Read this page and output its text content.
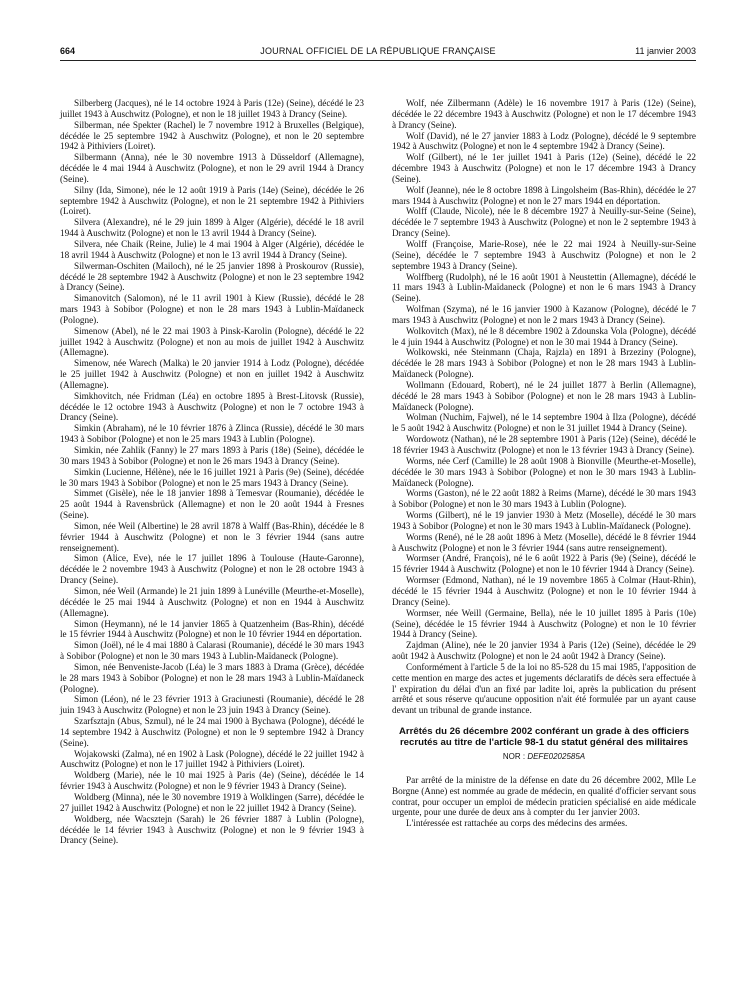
664	JOURNAL OFFICIEL DE LA RÉPUBLIQUE FRANÇAISE	11 janvier 2003

Silberberg (Jacques), né le 14 octobre 1924 à Paris (12e) (Seine), décédé le 23 juillet 1943 à Auschwitz (Pologne), et non le 18 juillet 1943 à Drancy (Seine).

Silberman, née Spekter (Rachel) le 7 novembre 1912 à Bruxelles (Belgique), décédée le 25 septembre 1942 à Auschwitz (Pologne), et non le 20 septembre 1942 à Pithiviers (Loiret).

Silbermann (Anna), née le 30 novembre 1913 à Düsseldorf (Allemagne), décédée le 4 mai 1944 à Auschwitz (Pologne), et non le 29 avril 1944 à Drancy (Seine).

Silny (Ida, Simone), née le 12 août 1919 à Paris (14e) (Seine), décédée le 26 septembre 1942 à Auschwitz (Pologne), et non le 21 septembre 1942 à Pithiviers (Loiret).

Silvera (Alexandre), né le 29 juin 1899 à Alger (Algérie), décédé le 18 avril 1944 à Auschwitz (Pologne) et non le 13 avril 1944 à Drancy (Seine).

Silvera, née Chaik (Reine, Julie) le 4 mai 1904 à Alger (Algérie), décédée le 18 avril 1944 à Auschwitz (Pologne) et non le 13 avril 1944 à Drancy (Seine).

Silwerman-Oschiten (Mailoch), né le 25 janvier 1898 à Proskourov (Russie), décédé le 28 septembre 1942 à Auschwitz (Pologne) et non le 23 septembre 1942 à Drancy (Seine).

Simanovitch (Salomon), né le 11 avril 1901 à Kiew (Russie), décédé le 28 mars 1943 à Sobibor (Pologne) et non le 28 mars 1943 à Lublin-Maïdaneck (Pologne).

Simenow (Abel), né le 22 mai 1903 à Pinsk-Karolin (Pologne), décédé le 22 juillet 1942 à Auschwitz (Pologne) et non au mois de juillet 1942 à Auschwitz (Allemagne).

Simenow, née Warech (Malka) le 20 janvier 1914 à Lodz (Pologne), décédée le 25 juillet 1942 à Auschwitz (Pologne) et non en juillet 1942 à Auschwitz (Allemagne).

Simkhovitch, née Fridman (Léa) en octobre 1895 à Brest-Litovsk (Russie), décédée le 12 octobre 1943 à Auschwitz (Pologne) et non le 7 octobre 1943 à Drancy (Seine).

Simkin (Abraham), né le 10 février 1876 à Zlinca (Russie), décédé le 30 mars 1943 à Sobibor (Pologne) et non le 25 mars 1943 à Lublin (Pologne).

Simkin, née Zahlik (Fanny) le 27 mars 1893 à Paris (18e) (Seine), décédée le 30 mars 1943 à Sobibor (Pologne) et non le 26 mars 1943 à Drancy (Seine).

Simkin (Lucienne, Hélène), née le 16 juillet 1921 à Paris (9e) (Seine), décédée le 30 mars 1943 à Sobibor (Pologne) et non le 25 mars 1943 à Drancy (Seine).

Simmet (Gisèle), née le 18 janvier 1898 à Temesvar (Roumanie), décédée le 25 août 1944 à Ravensbrück (Allemagne) et non le 20 août 1944 à Fresnes (Seine).

Simon, née Weil (Albertine) le 28 avril 1878 à Walff (Bas-Rhin), décédée le 8 février 1944 à Auschwitz (Pologne) et non le 3 février 1944 (sans autre renseignement).

Simon (Alice, Eve), née le 17 juillet 1896 à Toulouse (Haute-Garonne), décédée le 2 novembre 1943 à Auschwitz (Pologne) et non le 28 octobre 1943 à Drancy (Seine).

Simon, née Weil (Armande) le 21 juin 1899 à Lunéville (Meurthe-et-Moselle), décédée le 25 mai 1944 à Auschwitz (Pologne) et non en 1944 à Auschwitz (Allemagne).

Simon (Heymann), né le 14 janvier 1865 à Quatzenheim (Bas-Rhin), décédé le 15 février 1944 à Auschwitz (Pologne) et non le 10 février 1944 en déportation.

Simon (Joël), né le 4 mai 1880 à Calarasi (Roumanie), décédé le 30 mars 1943 à Sobibor (Pologne) et non le 30 mars 1943 à Lublin-Maïdaneck (Pologne).

Simon, née Benveniste-Jacob (Léa) le 3 mars 1883 à Drama (Grèce), décédée le 28 mars 1943 à Sobibor (Pologne) et non le 28 mars 1943 à Lublin-Maïdaneck (Pologne).

Simon (Léon), né le 23 février 1913 à Graciunesti (Roumanie), décédé le 28 juin 1943 à Auschwitz (Pologne) et non le 23 juin 1943 à Drancy (Seine).

Szarfsztajn (Abus, Szmul), né le 24 mai 1900 à Bychawa (Pologne), décédé le 14 septembre 1942 à Auschwitz (Pologne) et non le 9 septembre 1942 à Drancy (Seine).

Wojakowski (Zalma), né en 1902 à Lask (Pologne), décédé le 22 juillet 1942 à Auschwitz (Pologne) et non le 17 juillet 1942 à Pithiviers (Loiret).

Woldberg (Marie), née le 10 mai 1925 à Paris (4e) (Seine), décédée le 14 février 1943 à Auschwitz (Pologne) et non le 9 février 1943 à Drancy (Seine).

Woldberg (Minna), née le 30 novembre 1919 à Wolklingen (Sarre), décédée le 27 juillet 1942 à Auschwitz (Pologne) et non le 22 juillet 1942 à Drancy (Seine).

Woldberg, née Wacsztejn (Sarah) le 26 février 1887 à Lublin (Pologne), décédée le 14 février 1943 à Auschwitz (Pologne) et non le 9 février 1943 à Drancy (Seine).

Wolf, née Zilbermann (Adèle) le 16 novembre 1917 à Paris (12e) (Seine), décédée le 22 décembre 1943 à Auschwitz (Pologne) et non le 17 décembre 1943 à Drancy (Seine).

Wolf (David), né le 27 janvier 1883 à Lodz (Pologne), décédé le 9 septembre 1942 à Auschwitz (Pologne) et non le 4 septembre 1942 à Drancy (Seine).

Wolf (Gilbert), né le 1er juillet 1941 à Paris (12e) (Seine), décédé le 22 décembre 1943 à Auschwitz (Pologne) et non le 17 décembre 1943 à Drancy (Seine).

Wolf (Jeanne), née le 8 octobre 1898 à Lingolsheim (Bas-Rhin), décédée le 27 mars 1944 à Auschwitz (Pologne) et non le 27 mars 1944 en déportation.

Wolff (Claude, Nicole), née le 8 décembre 1927 à Neuilly-sur-Seine (Seine), décédée le 7 septembre 1943 à Auschwitz (Pologne) et non le 2 septembre 1943 à Drancy (Seine).

Wolff (Françoise, Marie-Rose), née le 22 mai 1924 à Neuilly-sur-Seine (Seine), décédée le 7 septembre 1943 à Auschwitz (Pologne) et non le 2 septembre 1943 à Drancy (Seine).

Wolffberg (Rudolph), né le 16 août 1901 à Neustettin (Allemagne), décédé le 11 mars 1943 à Lublin-Maïdaneck (Pologne) et non le 6 mars 1943 à Drancy (Seine).

Wolfman (Szyma), né le 16 janvier 1900 à Kazanow (Pologne), décédé le 7 mars 1943 à Auschwitz (Pologne) et non le 2 mars 1943 à Drancy (Seine).

Wolkovitch (Max), né le 8 décembre 1902 à Zdounska Vola (Pologne), décédé le 4 juin 1944 à Auschwitz (Pologne) et non le 30 mai 1944 à Drancy (Seine).

Wolkowski, née Steinmann (Chaja, Rajzla) en 1891 à Brzeziny (Pologne), décédée le 28 mars 1943 à Sobibor (Pologne) et non le 28 mars 1943 à Lublin-Maïdaneck (Pologne).

Wollmann (Edouard, Robert), né le 24 juillet 1877 à Berlin (Allemagne), décédé le 28 mars 1943 à Sobibor (Pologne) et non le 28 mars 1943 à Lublin-Maïdaneck (Pologne).

Wolman (Nuchim, Fajwel), né le 14 septembre 1904 à Ilza (Pologne), décédé le 5 août 1942 à Auschwitz (Pologne) et non le 31 juillet 1944 à Drancy (Seine).

Wordowotz (Nathan), né le 28 septembre 1901 à Paris (12e) (Seine), décédé le 18 février 1943 à Auschwitz (Pologne) et non le 13 février 1943 à Drancy (Seine).

Worms, née Cerf (Camille) le 28 août 1908 à Bionville (Meurthe-et-Moselle), décédée le 30 mars 1943 à Sobibor (Pologne) et non le 30 mars 1943 à Lublin-Maïdaneck (Pologne).

Worms (Gaston), né le 22 août 1882 à Reims (Marne), décédé le 30 mars 1943 à Sobibor (Pologne) et non le 30 mars 1943 à Lublin (Pologne).

Worms (Gilbert), né le 19 janvier 1930 à Metz (Moselle), décédé le 30 mars 1943 à Sobibor (Pologne) et non le 30 mars 1943 à Lublin-Maïdaneck (Pologne).

Worms (René), né le 28 août 1896 à Metz (Moselle), décédé le 8 février 1944 à Auschwitz (Pologne) et non le 3 février 1944 (sans autre renseignement).

Wormser (André, François), né le 6 août 1922 à Paris (9e) (Seine), décédé le 15 février 1944 à Auschwitz (Pologne) et non le 10 février 1944 à Drancy (Seine).

Wormser (Edmond, Nathan), né le 19 novembre 1865 à Colmar (Haut-Rhin), décédé le 15 février 1944 à Auschwitz (Pologne) et non le 10 février 1944 à Drancy (Seine).

Wormser, née Weill (Germaine, Bella), née le 10 juillet 1895 à Paris (10e) (Seine), décédée le 15 février 1944 à Auschwitz (Pologne) et non le 10 février 1944 à Drancy (Seine).

Zajdman (Aline), née le 20 janvier 1934 à Paris (12e) (Seine), décédée le 29 août 1942 à Auschwitz (Pologne) et non le 24 août 1942 à Drancy (Seine).

Conformément à l'article 5 de la loi no 85-528 du 15 mai 1985, l'apposition de cette mention en marge des actes et jugements déclaratifs de décès sera effectuée à l' expiration du délai d'un an fixé par ladite loi, après la publication du présent arrêté et sous réserve qu'aucune opposition n'ait été formulée par un ayant cause devant un tribunal de grande instance.

Arrêtés du 26 décembre 2002 conférant un grade à des officiers recrutés au titre de l'article 98-1 du statut général des militaires
NOR : DEFE0202585A

Par arrêté de la ministre de la défense en date du 26 décembre 2002, Mlle Le Borgne (Anne) est nommée au grade de médecin, en qualité d'officier servant sous contrat, pour occuper un emploi de médecin praticien spécialisé en aide médicale urgente, pour une durée de deux ans à compter du 1er janvier 2003.

L'intéressée est rattachée au corps des médecins des armées.
